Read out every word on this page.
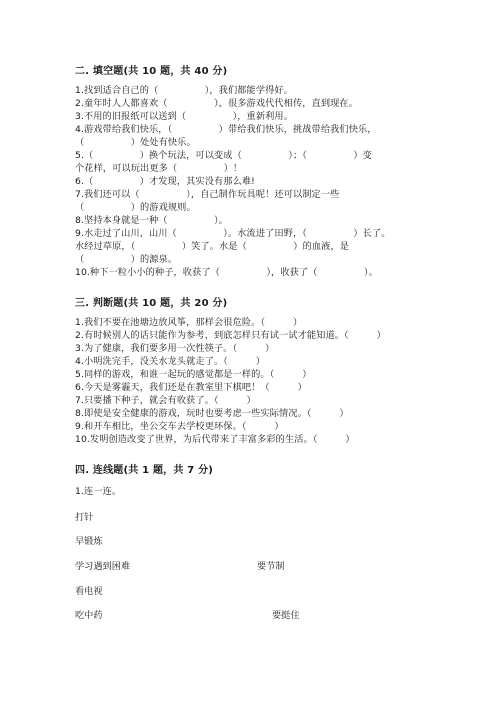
二. 填空题(共 10 题，共 40 分)
1.找到适合自己的（　　　　　），我们都能学得好。
2.童年时人人都喜欢（　　　　　），很多游戏代代相传，直到现在。
3.不用的旧报纸可以送到（　　　　　），重新利用。
4.游戏带给我们快乐，（　　　　　）带给我们快乐，挑战带给我们快乐，
（　　　　　）处处有快乐。
5.（　　　　　）换个玩法，可以变成（　　　　　）；（　　　　　）变
个花样，可以玩出更多（　　　　　）！
6.（　　　　　）才发现，其实没有那么难!
7.我们还可以（　　　　　），自己制作玩具呢！还可以制定一些
（　　　　　）的游戏规则。
8.坚持本身就是一种（　　　　　）。
9.水走过了山川，山川（　　　　　）。水流进了田野，（　　　　　）长了。
水经过草原，（　　　　　）笑了。水是（　　　　　）的血液，是
（　　　　　）的源泉。
10.种下一粒小小的种子，收获了（　　　　　），收获了（　　　　　）。
三. 判断题(共 10 题，共 20 分)
1.我们不要在池塘边放风筝，那样会很危险。（　　　）
2.有时候别人的话只能作为参考，到底怎样只有试一试才能知道。（　　　）
3.为了健康，我们要多用一次性筷子。（　　　）
4.小明洗完手，没关水龙头就走了。（　　　）
5.同样的游戏，和谁一起玩的感觉都是一样的。（　　　）
6.今天是雾霾天，我们还是在教室里下棋吧！（　　　）
7.只要播下种子，就会有收获了。（　　　）
8.即使是安全健康的游戏，玩时也要考虑一些实际情况。（　　　）
9.和开车相比，坐公交车去学校更环保。（　　　）
10.发明创造改变了世界，为后代带来了丰富多彩的生活。（　　　）
四. 连线题(共 1 题，共 7 分)
1.连一连。
打针
早锻炼
学习遇到困难
看电视
吃中药
要节制
要挺住
